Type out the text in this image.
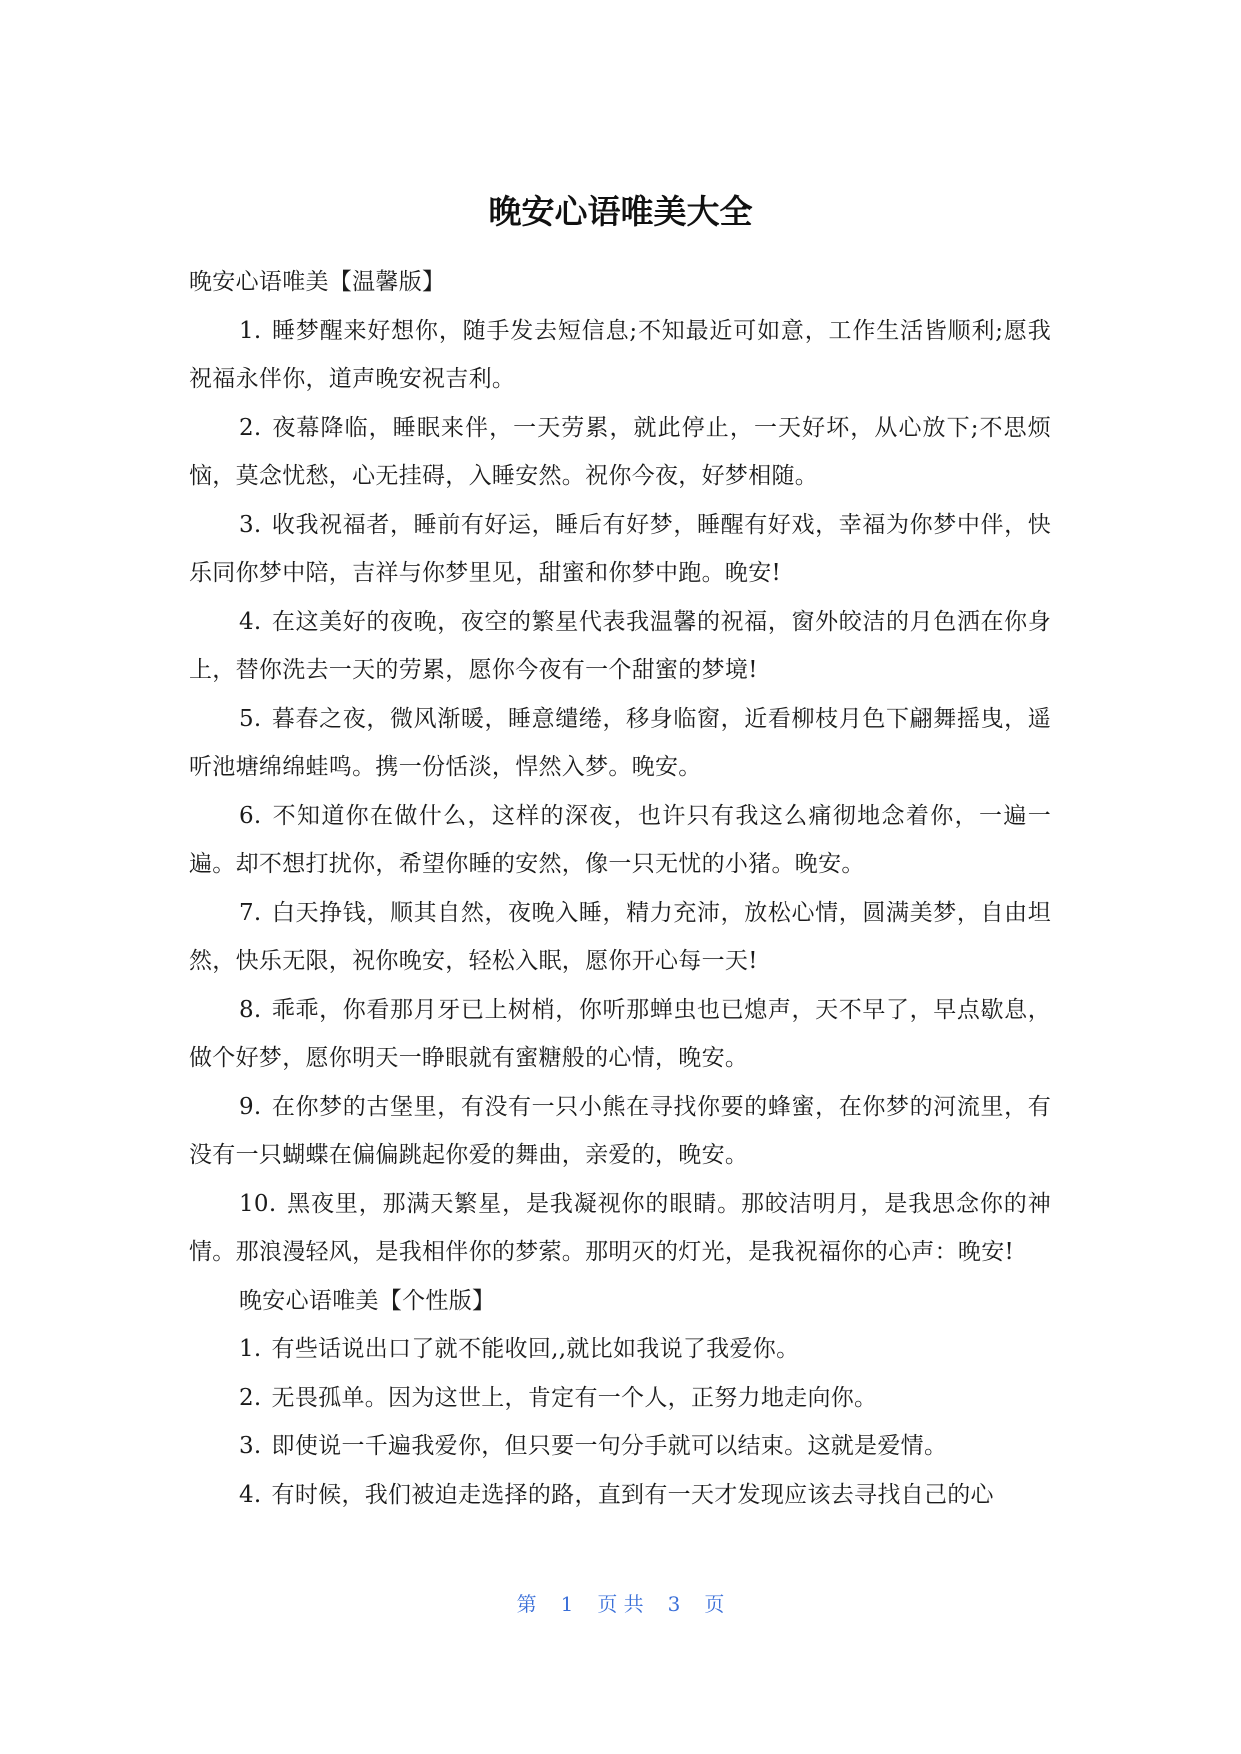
晚安心语唯美大全

晚安心语唯美【温馨版】

1. 睡梦醒来好想你，随手发去短信息;不知最近可如意，工作生活皆顺利;愿我祝福永伴你，道声晚安祝吉利。

2. 夜幕降临，睡眠来伴，一天劳累，就此停止，一天好坏，从心放下;不思烦恼，莫念忧愁，心无挂碍，入睡安然。祝你今夜，好梦相随。

3. 收我祝福者，睡前有好运，睡后有好梦，睡醒有好戏，幸福为你梦中伴，快乐同你梦中陪，吉祥与你梦里见，甜蜜和你梦中跑。晚安!

4. 在这美好的夜晚，夜空的繁星代表我温馨的祝福，窗外皎洁的月色洒在你身上，替你洗去一天的劳累，愿你今夜有一个甜蜜的梦境!

5. 暮春之夜，微风渐暖，睡意缱绻，移身临窗，近看柳枝月色下翩舞摇曳，遥听池塘绵绵蛙鸣。携一份恬淡，悍然入梦。晚安。

6. 不知道你在做什么，这样的深夜，也许只有我这么痛彻地念着你，一遍一遍。却不想打扰你，希望你睡的安然，像一只无忧的小猪。晚安。

7. 白天挣钱，顺其自然，夜晚入睡，精力充沛，放松心情，圆满美梦，自由坦然，快乐无限，祝你晚安，轻松入眠，愿你开心每一天!

8. 乖乖，你看那月牙已上树梢，你听那蝉虫也已熄声，天不早了，早点歇息，做个好梦，愿你明天一睁眼就有蜜糖般的心情，晚安。

9. 在你梦的古堡里，有没有一只小熊在寻找你要的蜂蜜，在你梦的河流里，有没有一只蝴蝶在偏偏跳起你爱的舞曲，亲爱的，晚安。

10. 黑夜里，那满天繁星，是我凝视你的眼睛。那皎洁明月，是我思念你的神情。那浪漫轻风，是我相伴你的梦萦。那明灭的灯光，是我祝福你的心声：晚安!

晚安心语唯美【个性版】

1. 有些话说出口了就不能收回,,就比如我说了我爱你。

2. 无畏孤单。因为这世上，肯定有一个人，正努力地走向你。

3. 即使说一千遍我爱你，但只要一句分手就可以结束。这就是爱情。

4. 有时候，我们被迫走选择的路，直到有一天才发现应该去寻找自己的心

第 1 页 共 3 页
